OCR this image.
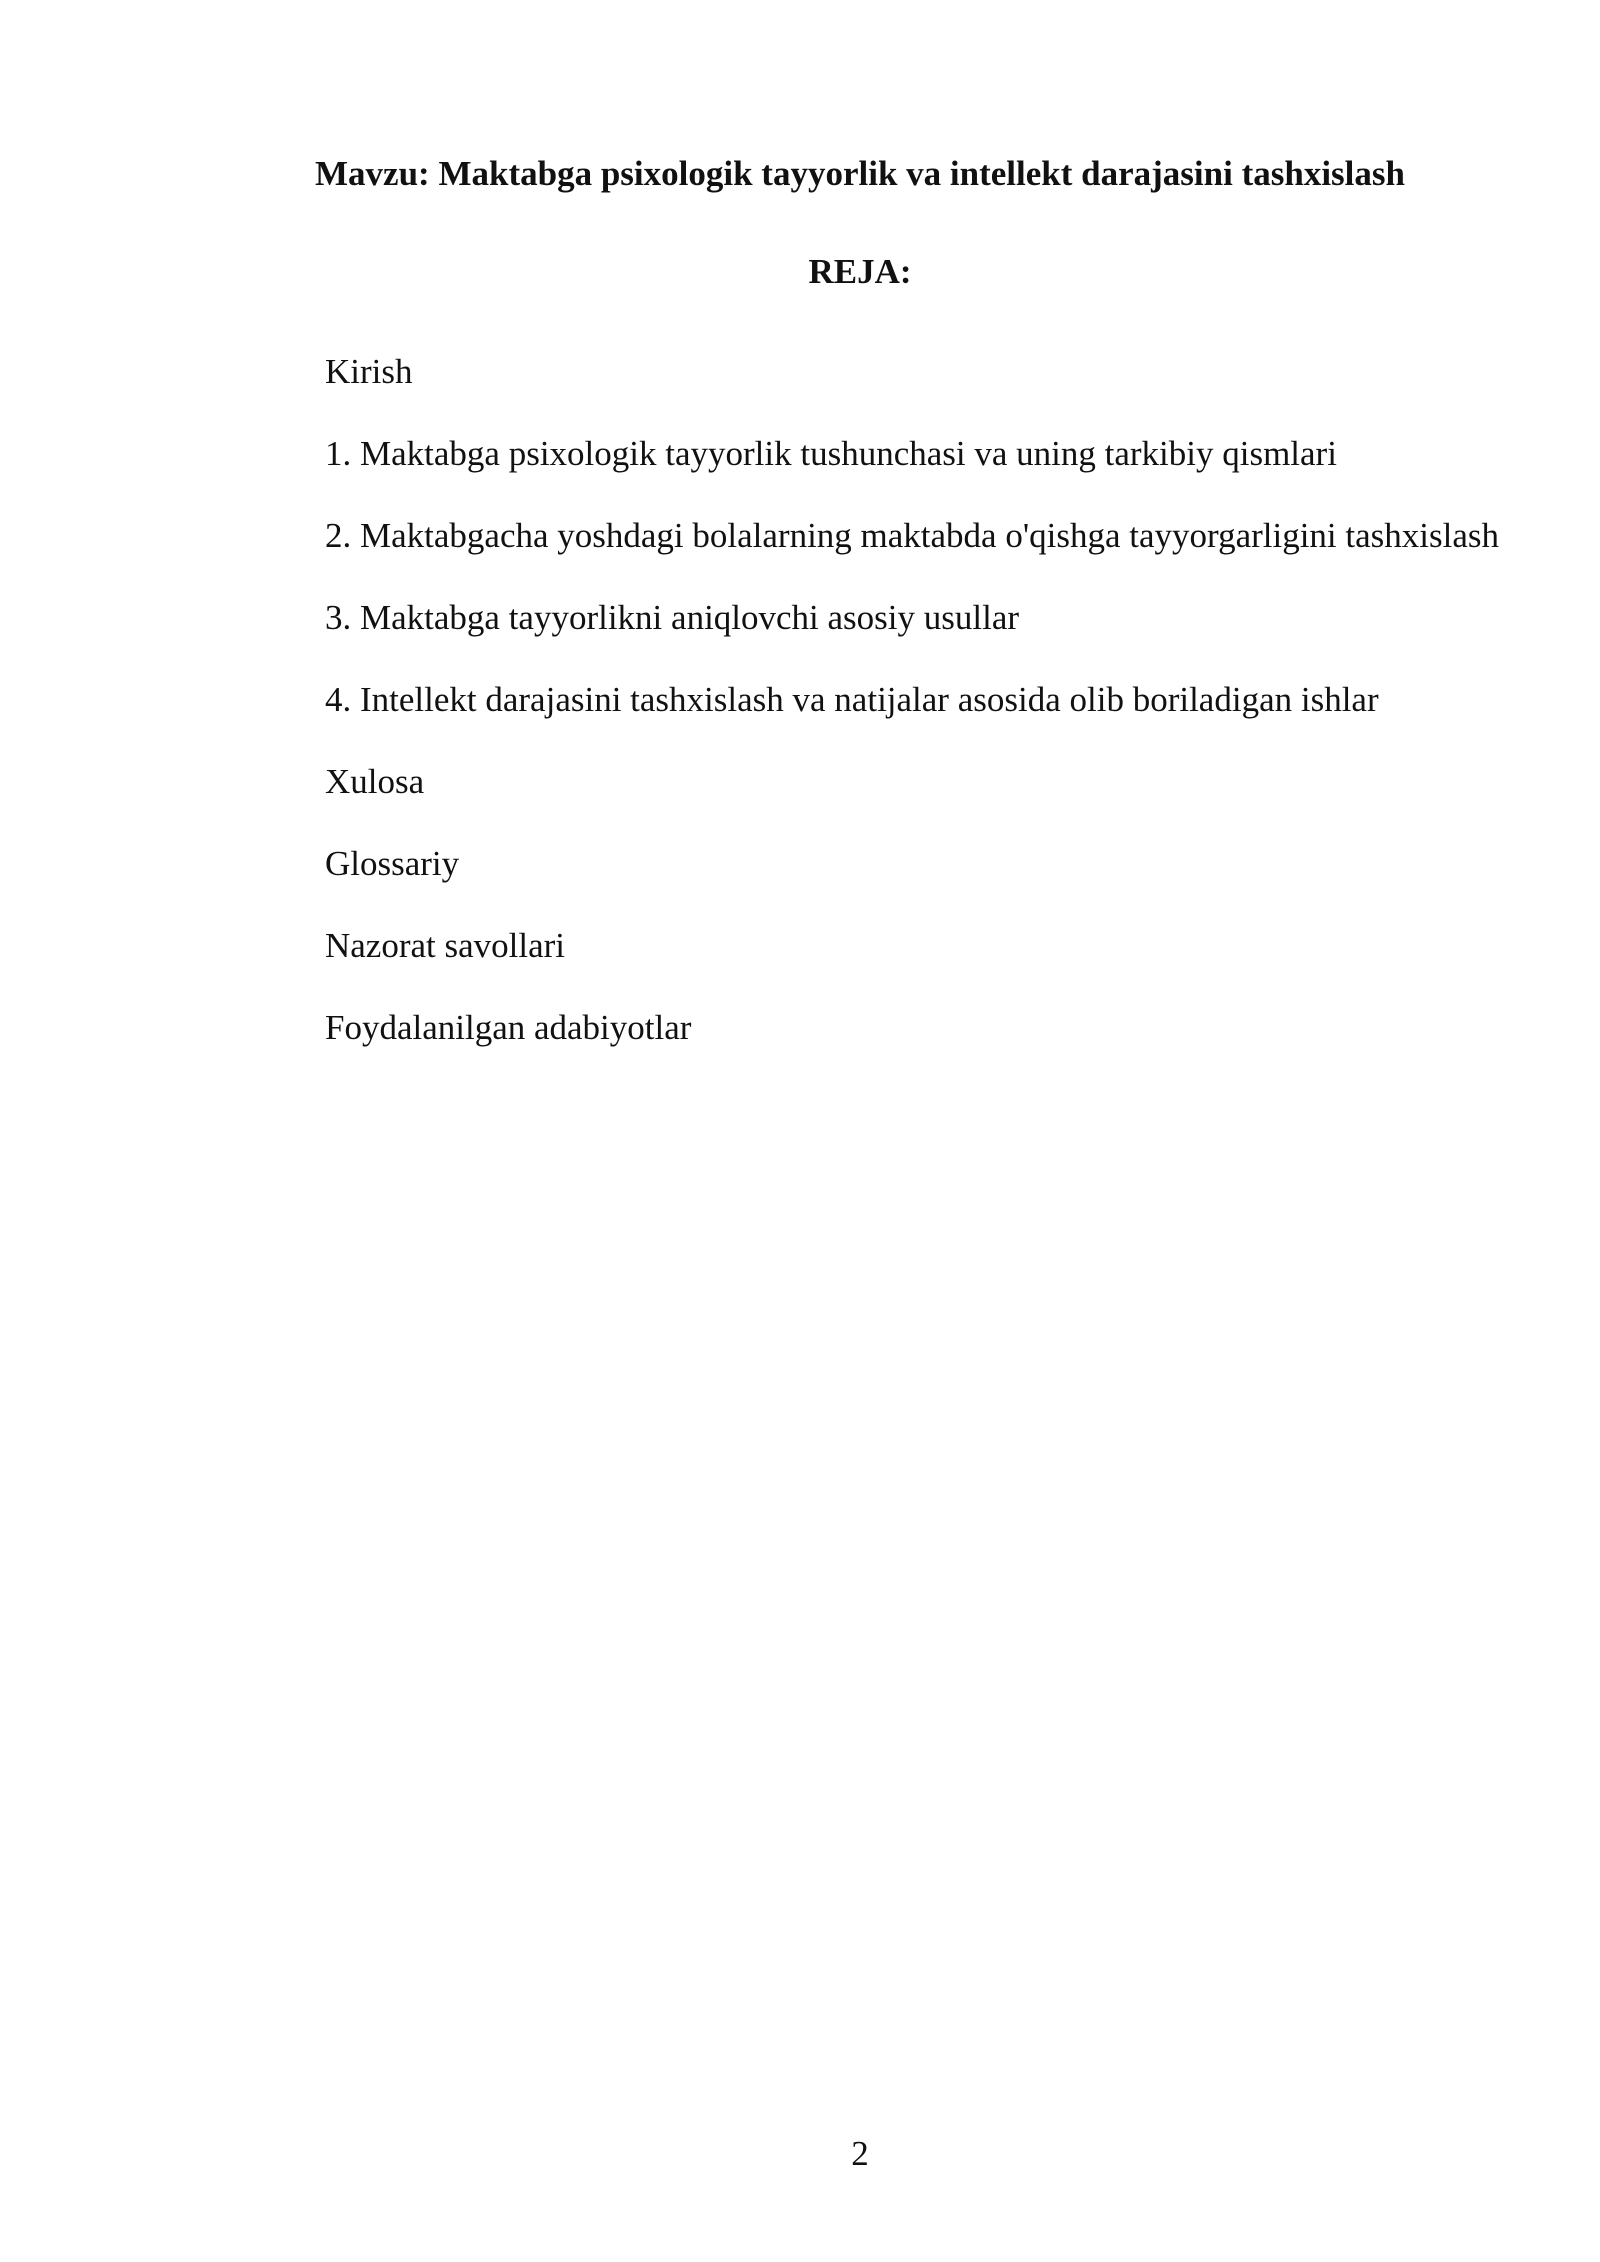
Mavzu: Maktabga psixologik tayyorlik va intellekt darajasini tashxislash
REJA:
Kirish
1. Maktabga psixologik tayyorlik tushunchasi va uning tarkibiy qismlari
2. Maktabgacha yoshdagi bolalarning maktabda o'qishga tayyorgarligini tashxislash
3. Maktabga tayyorlikni aniqlovchi asosiy usullar
4. Intellekt darajasini tashxislash va natijalar asosida olib boriladigan ishlar
Xulosa
Glossariy
Nazorat savollari
Foydalanilgan adabiyotlar
2
